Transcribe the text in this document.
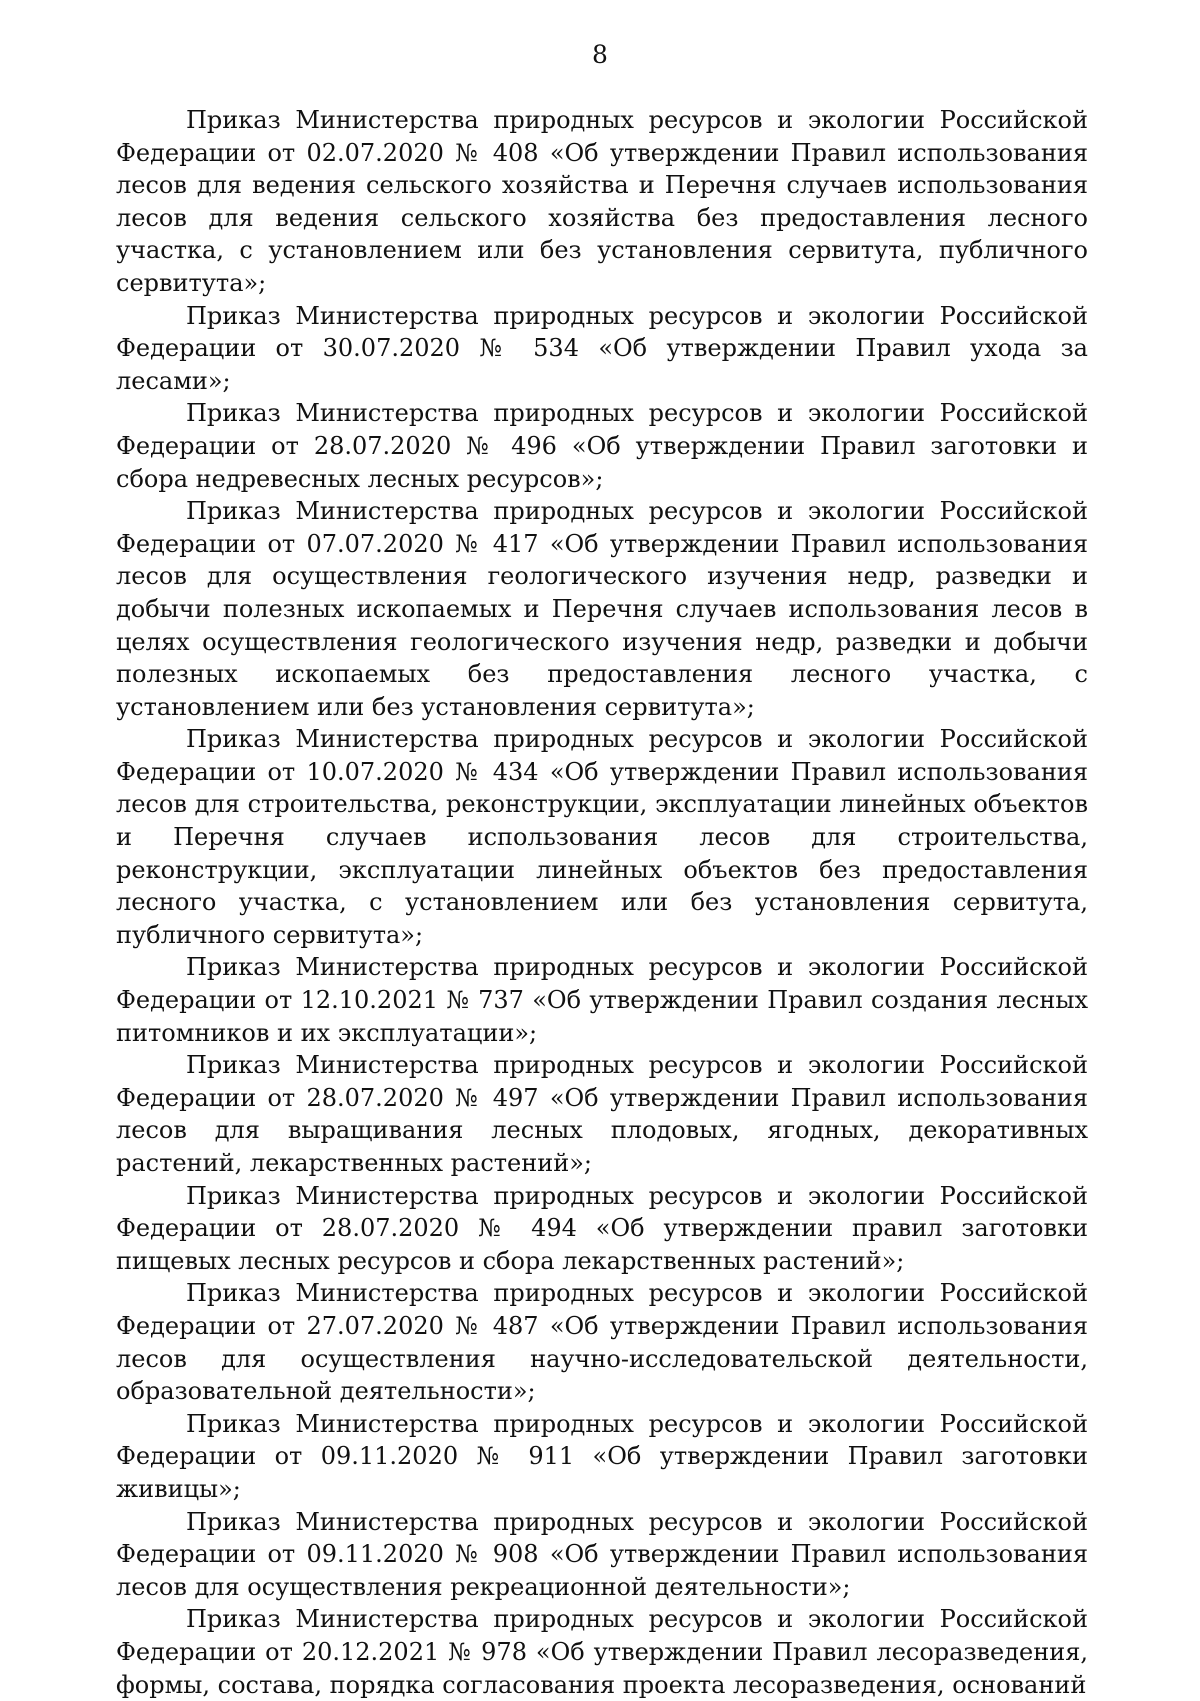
8

Приказ Министерства природных ресурсов и экологии Российской Федерации от 02.07.2020 № 408 «Об утверждении Правил использования лесов для ведения сельского хозяйства и Перечня случаев использования лесов для ведения сельского хозяйства без предоставления лесного участка, с установлением или без установления сервитута, публичного сервитута»;

Приказ Министерства природных ресурсов и экологии Российской Федерации от 30.07.2020 № 534 «Об утверждении Правил ухода за лесами»;

Приказ Министерства природных ресурсов и экологии Российской Федерации от 28.07.2020 № 496 «Об утверждении Правил заготовки и сбора недревесных лесных ресурсов»;

Приказ Министерства природных ресурсов и экологии Российской Федерации от 07.07.2020 № 417 «Об утверждении Правил использования лесов для осуществления геологического изучения недр, разведки и добычи полезных ископаемых и Перечня случаев использования лесов в целях осуществления геологического изучения недр, разведки и добычи полезных ископаемых без предоставления лесного участка, с установлением или без установления сервитута»;

Приказ Министерства природных ресурсов и экологии Российской Федерации от 10.07.2020 № 434 «Об утверждении Правил использования лесов для строительства, реконструкции, эксплуатации линейных объектов и Перечня случаев использования лесов для строительства, реконструкции, эксплуатации линейных объектов без предоставления лесного участка, с установлением или без установления сервитута, публичного сервитута»;

Приказ Министерства природных ресурсов и экологии Российской Федерации от 12.10.2021 № 737 «Об утверждении Правил создания лесных питомников и их эксплуатации»;

Приказ Министерства природных ресурсов и экологии Российской Федерации от 28.07.2020 № 497 «Об утверждении Правил использования лесов для выращивания лесных плодовых, ягодных, декоративных растений, лекарственных растений»;

Приказ Министерства природных ресурсов и экологии Российской Федерации от 28.07.2020 № 494 «Об утверждении правил заготовки пищевых лесных ресурсов и сбора лекарственных растений»;

Приказ Министерства природных ресурсов и экологии Российской Федерации от 27.07.2020 № 487 «Об утверждении Правил использования лесов для осуществления научно-исследовательской деятельности, образовательной деятельности»;

Приказ Министерства природных ресурсов и экологии Российской Федерации от 09.11.2020 № 911 «Об утверждении Правил заготовки живицы»;

Приказ Министерства природных ресурсов и экологии Российской Федерации от 09.11.2020 № 908 «Об утверждении Правил использования лесов для осуществления рекреационной деятельности»;

Приказ Министерства природных ресурсов и экологии Российской Федерации от 20.12.2021 № 978 «Об утверждении Правил лесоразведения, формы, состава, порядка согласования проекта лесоразведения, оснований
